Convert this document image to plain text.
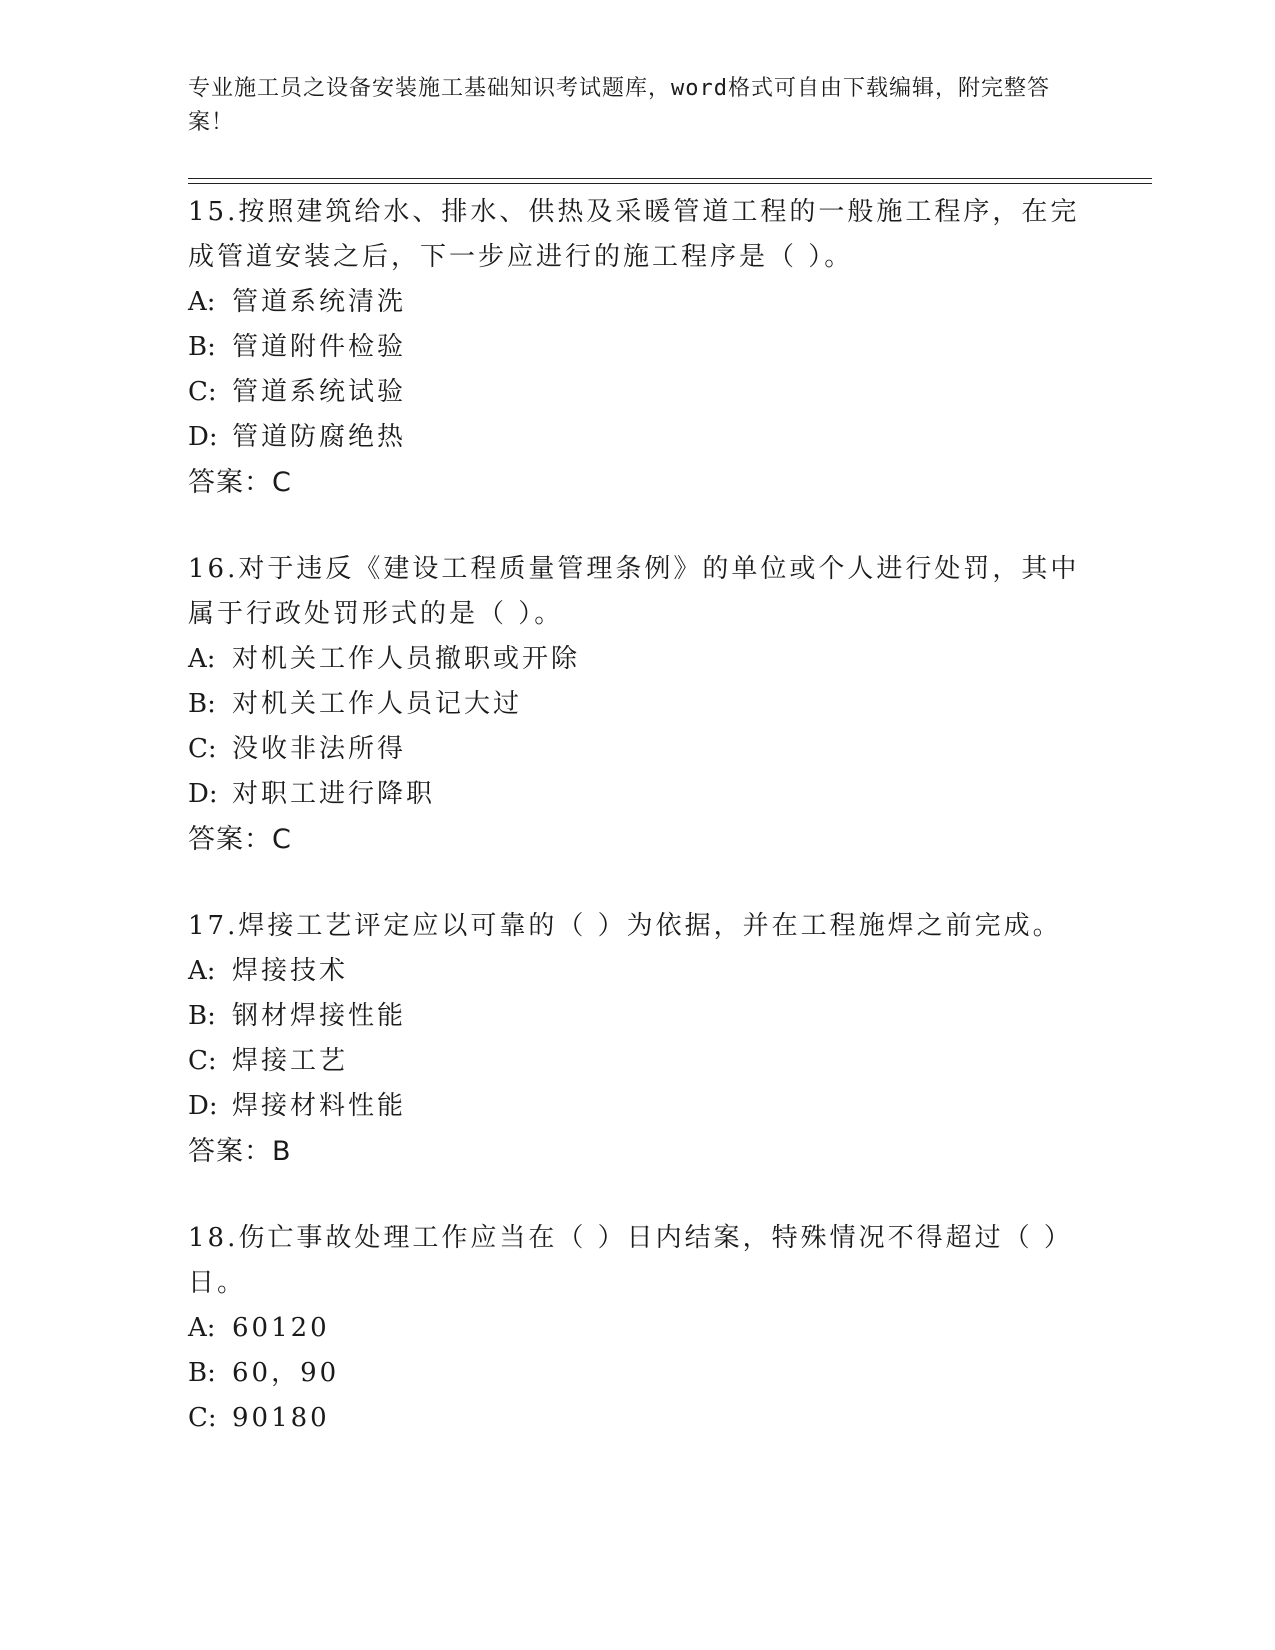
专业施工员之设备安装施工基础知识考试题库，word格式可自由下载编辑，附完整答案！
15.按照建筑给水、排水、供热及采暖管道工程的一般施工程序，在完成管道安装之后，下一步应进行的施工程序是（ ）。
A: 管道系统清洗
B: 管道附件检验
C: 管道系统试验
D: 管道防腐绝热
答案：C
16.对于违反《建设工程质量管理条例》的单位或个人进行处罚，其中属于行政处罚形式的是（ ）。
A: 对机关工作人员撤职或开除
B: 对机关工作人员记大过
C: 没收非法所得
D: 对职工进行降职
答案：C
17.焊接工艺评定应以可靠的（ ）为依据，并在工程施焊之前完成。
A: 焊接技术
B: 钢材焊接性能
C: 焊接工艺
D: 焊接材料性能
答案：B
18.伤亡事故处理工作应当在（ ）日内结案，特殊情况不得超过（ ）日。
A: 60120
B: 60，90
C: 90180
